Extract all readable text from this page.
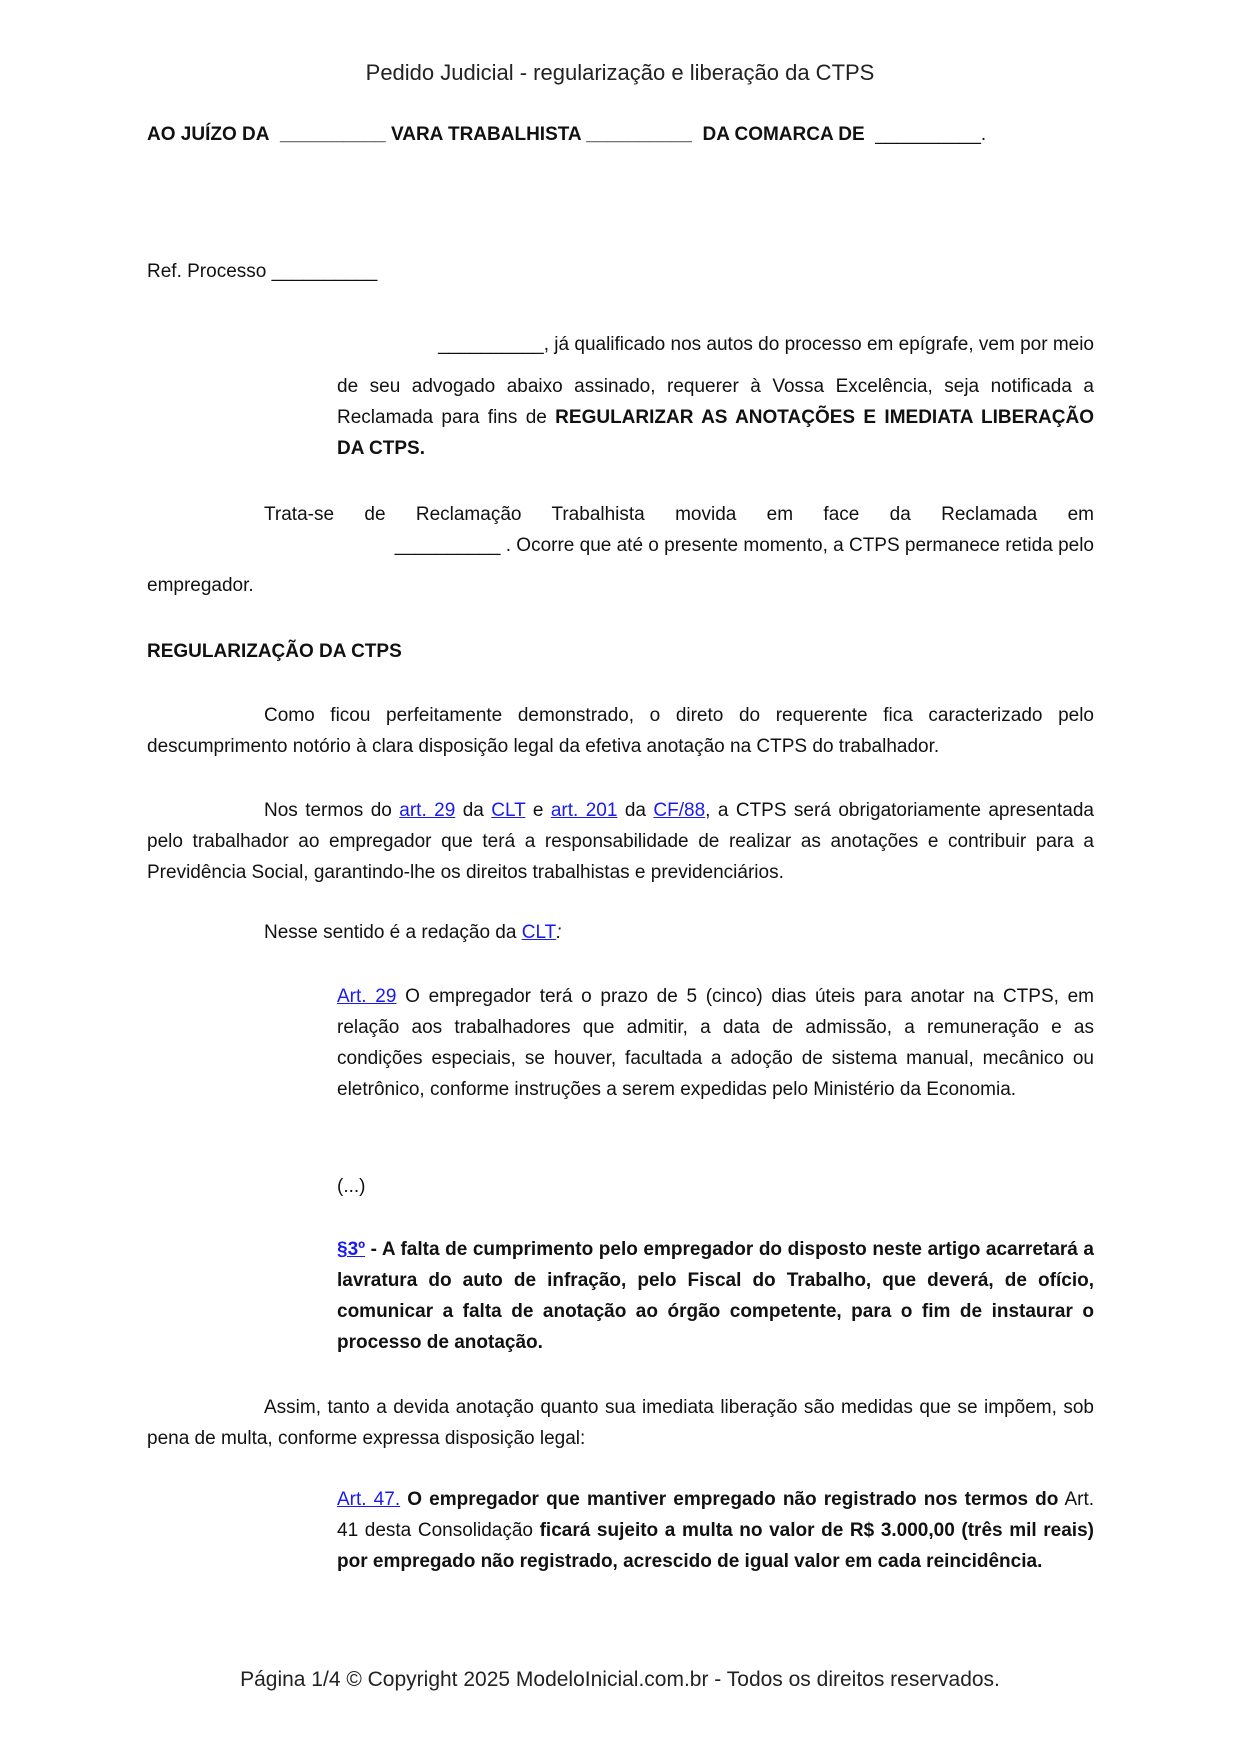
Pedido Judicial - regularização e liberação da CTPS
AO JUÍZO DA __________ VARA TRABALHISTA __________ DA COMARCA DE __________.
Ref. Processo __________
__________, já qualificado nos autos do processo em epígrafe, vem por meio
de seu advogado abaixo assinado, requerer à Vossa Excelência, seja notificada a Reclamada para fins de REGULARIZAR AS ANOTAÇÕES E IMEDIATA LIBERAÇÃO DA CTPS.
Trata-se de Reclamação Trabalhista movida em face da Reclamada em
__________ . Ocorre que até o presente momento, a CTPS permanece retida pelo
empregador.
REGULARIZAÇÃO DA CTPS
Como ficou perfeitamente demonstrado, o direto do requerente fica caracterizado pelo descumprimento notório à clara disposição legal da efetiva anotação na CTPS do trabalhador.
Nos termos do art. 29 da CLT e art. 201 da CF/88, a CTPS será obrigatoriamente apresentada pelo trabalhador ao empregador que terá a responsabilidade de realizar as anotações e contribuir para a Previdência Social, garantindo-lhe os direitos trabalhistas e previdenciários.
Nesse sentido é a redação da CLT:
Art. 29 O empregador terá o prazo de 5 (cinco) dias úteis para anotar na CTPS, em relação aos trabalhadores que admitir, a data de admissão, a remuneração e as condições especiais, se houver, facultada a adoção de sistema manual, mecânico ou eletrônico, conforme instruções a serem expedidas pelo Ministério da Economia.
(...)
§3º - A falta de cumprimento pelo empregador do disposto neste artigo acarretará a lavratura do auto de infração, pelo Fiscal do Trabalho, que deverá, de ofício, comunicar a falta de anotação ao órgão competente, para o fim de instaurar o processo de anotação.
Assim, tanto a devida anotação quanto sua imediata liberação são medidas que se impõem, sob pena de multa, conforme expressa disposição legal:
Art. 47. O empregador que mantiver empregado não registrado nos termos do Art. 41 desta Consolidação ficará sujeito a multa no valor de R$ 3.000,00 (três mil reais) por empregado não registrado, acrescido de igual valor em cada reincidência.
Página 1/4 © Copyright 2025 ModeloInicial.com.br - Todos os direitos reservados.
